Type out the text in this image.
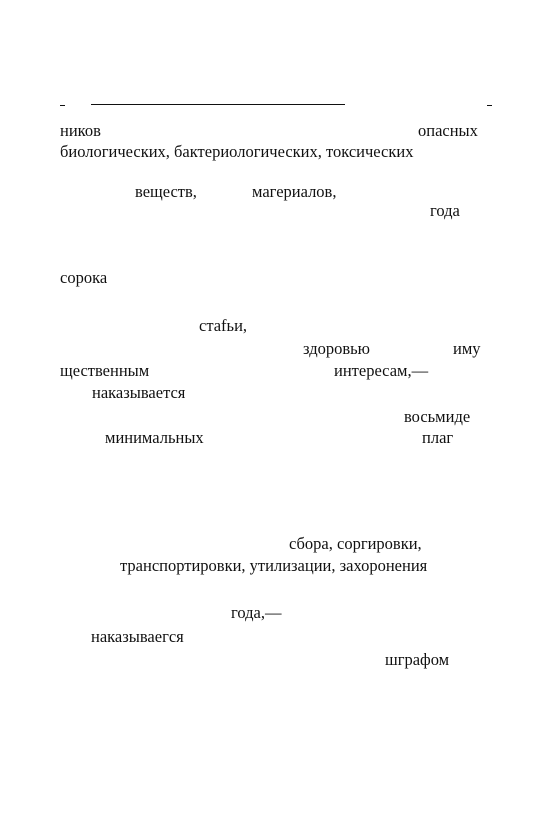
ников	опасных
биологических, бактериологических, токсических
веществ,	магериалов,
года
сорока
стаfьи,
здоровью	иму
щественным	интересам,—
наказывается
восьмиде
минимальных	плаг
сбора, соргировки,
транспортировки, утилизации, захоронения
года,—
наказываегся
шграфом
